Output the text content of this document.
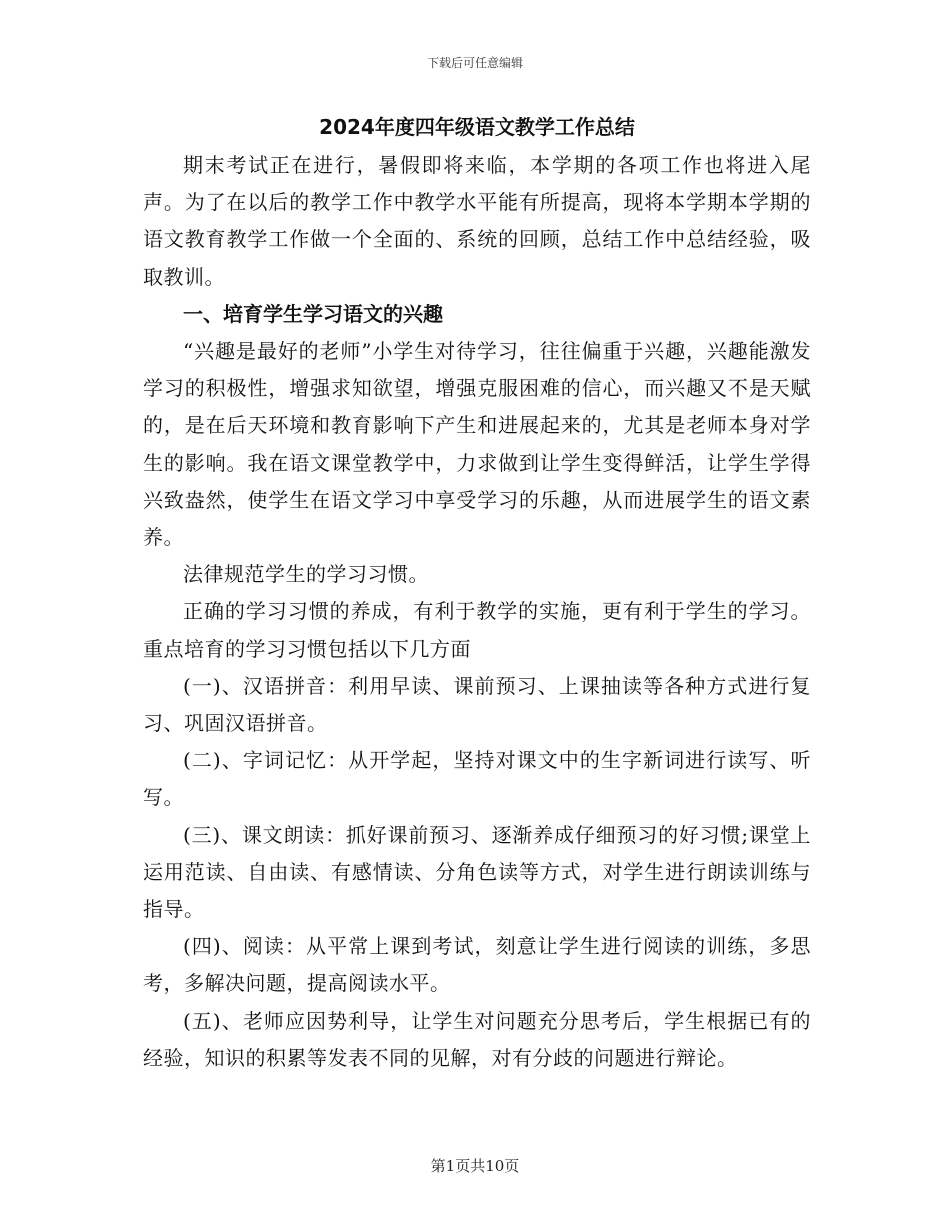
下载后可任意编辑
2024年度四年级语文教学工作总结

期末考试正在进行，暑假即将来临，本学期的各项工作也将进入尾声。为了在以后的教学工作中教学水平能有所提高，现将本学期本学期的语文教育教学工作做一个全面的、系统的回顾，总结工作中总结经验，吸取教训。

一、培育学生学习语文的兴趣

“兴趣是最好的老师”小学生对待学习，往往偏重于兴趣，兴趣能激发学习的积极性，增强求知欲望，增强克服困难的信心，而兴趣又不是天赋的，是在后天环境和教育影响下产生和进展起来的，尤其是老师本身对学生的影响。我在语文课堂教学中，力求做到让学生变得鲜活，让学生学得兴致盎然，使学生在语文学习中享受学习的乐趣，从而进展学生的语文素养。

法律规范学生的学习习惯。

正确的学习习惯的养成，有利于教学的实施，更有利于学生的学习。重点培育的学习习惯包括以下几方面

(一)、汉语拼音：利用早读、课前预习、上课抽读等各种方式进行复习、巩固汉语拼音。

(二)、字词记忆：从开学起，坚持对课文中的生字新词进行读写、听写。

(三)、课文朗读：抓好课前预习、逐渐养成仔细预习的好习惯;课堂上运用范读、自由读、有感情读、分角色读等方式，对学生进行朗读训练与指导。

(四)、阅读：从平常上课到考试，刻意让学生进行阅读的训练，多思考，多解决问题，提高阅读水平。

(五)、老师应因势利导，让学生对问题充分思考后，学生根据已有的经验，知识的积累等发表不同的见解，对有分歧的问题进行辩论。

第1页共10页
